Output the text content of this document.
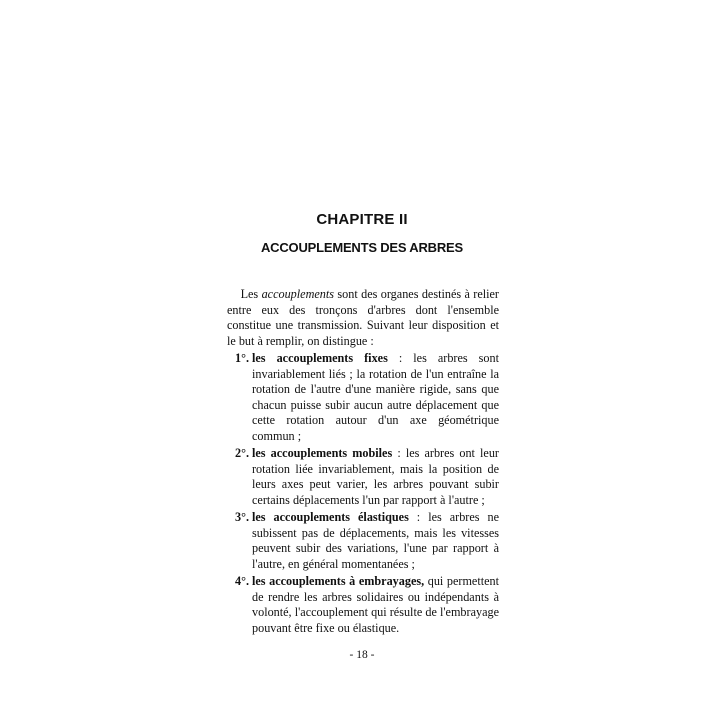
CHAPITRE II
ACCOUPLEMENTS DES ARBRES

Les accouplements sont des organes destinés à relier entre eux des tronçons d'arbres dont l'ensemble constitue une transmission. Suivant leur disposition et le but à remplir, on distingue :

1°. les accouplements fixes : les arbres sont invariablement liés ; la rotation de l'un entraîne la rotation de l'autre d'une manière rigide, sans que chacun puisse subir aucun autre déplacement que cette rotation autour d'un axe géométrique commun ;
2°. les accouplements mobiles : les arbres ont leur rotation liée invariablement, mais la position de leurs axes peut varier, les arbres pouvant subir certains déplacements l'un par rapport à l'autre ;
3°. les accouplements élastiques : les arbres ne subissent pas de déplacements, mais les vitesses peuvent subir des variations, l'une par rapport à l'autre, en général momentanées ;
4°. les accouplements à embrayages, qui permettent de rendre les arbres solidaires ou indépendants à volonté, l'accouplement qui résulte de l'embrayage pouvant être fixe ou élastique.

- 18 -
